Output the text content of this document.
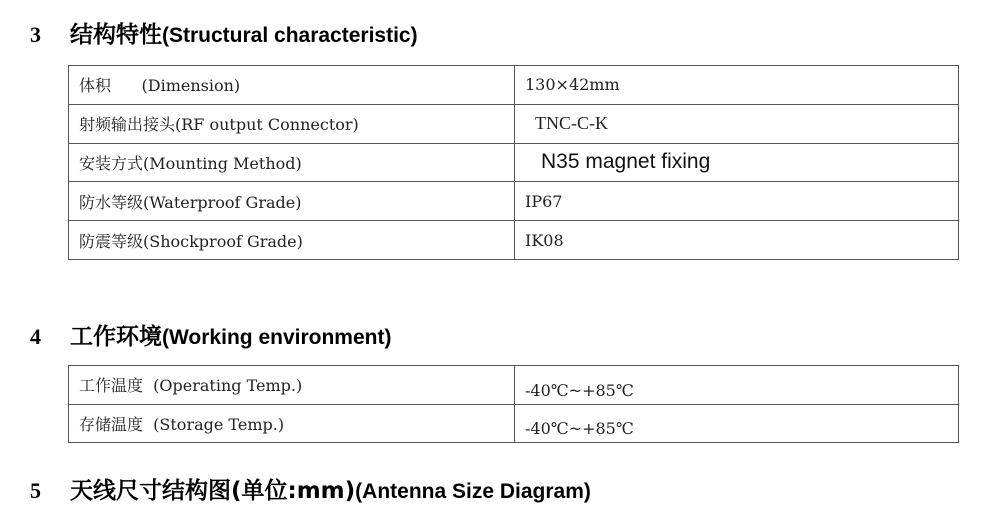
3	结构特性 (Structural characteristic)
体积      (Dimension)	130×42mm
射频输出接头(RF output Connector)	TNC-C-K
安装方式(Mounting Method)	N35 magnet fixing
防水等级(Waterproof Grade)	IP67
防震等级(Shockproof Grade)	IK08
4	工作环境 (Working environment)
工作温度  (Operating Temp.)	-40℃~+85℃
存储温度  (Storage Temp.)	-40℃~+85℃
5	天线尺寸结构图(单位:mm) (Antenna Size Diagram)
